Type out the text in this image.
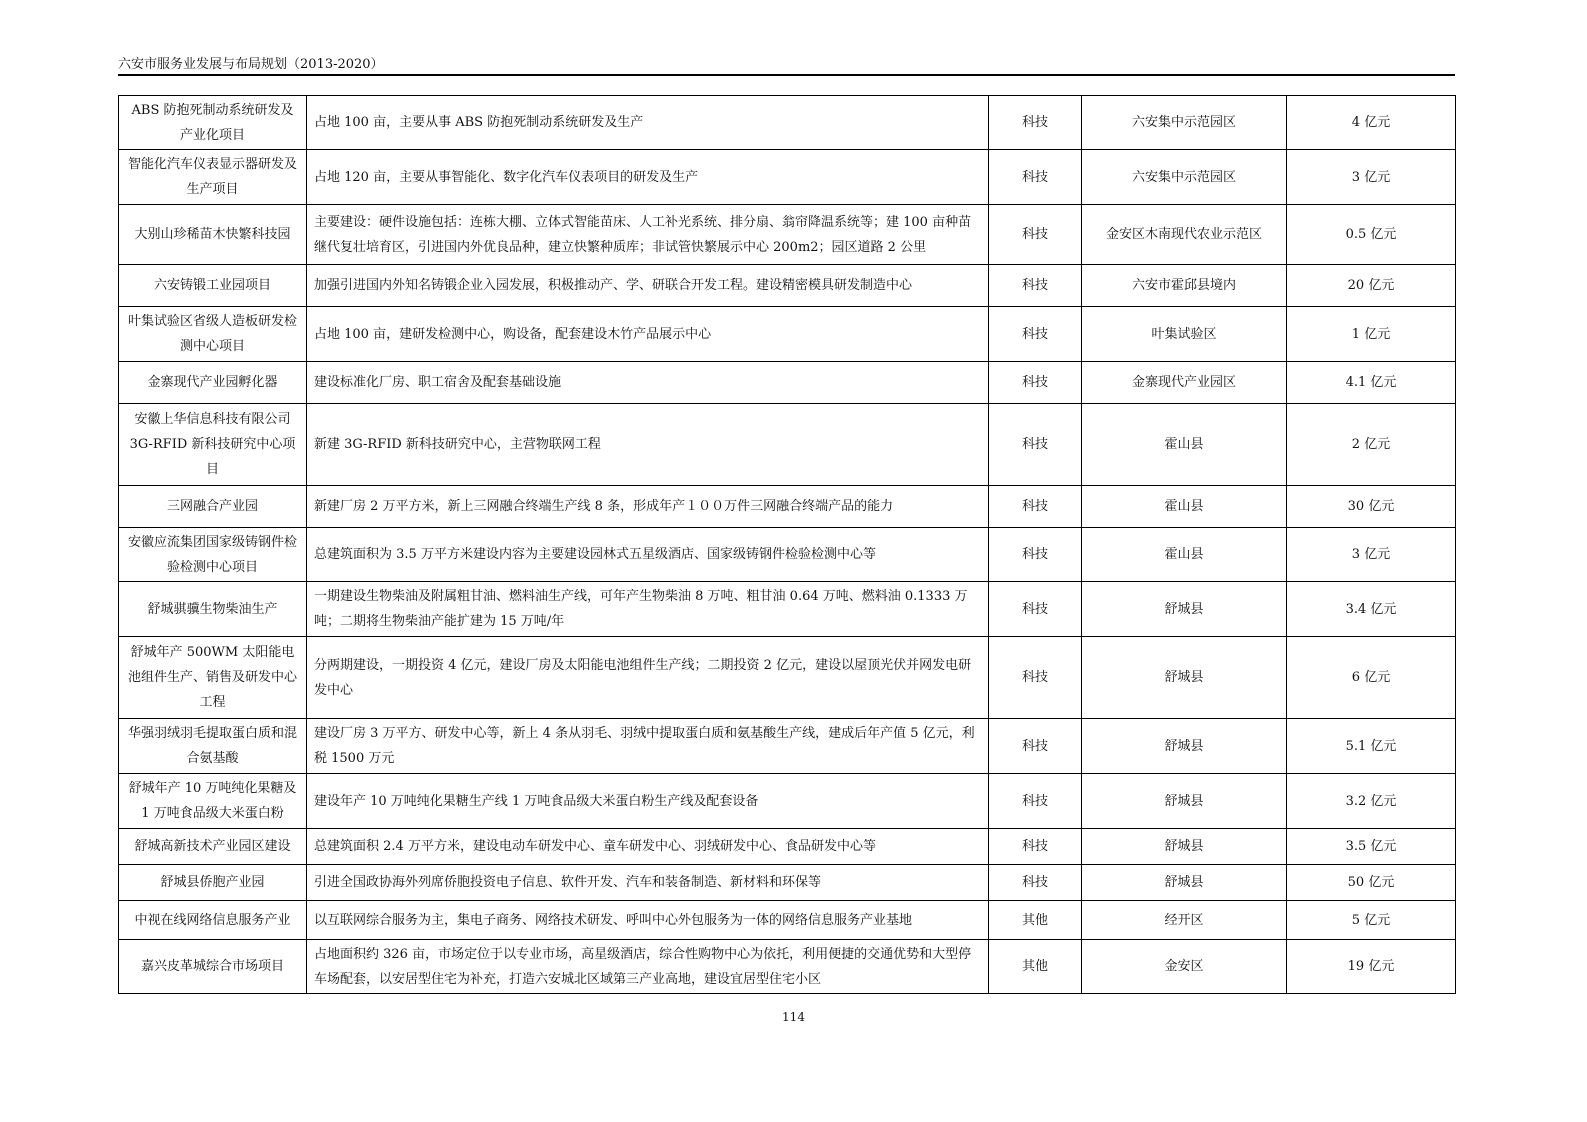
六安市服务业发展与布局规划（2013-2020）
ABS 防抱死制动系统研发及产业化项目	占地 100 亩，主要从事 ABS 防抱死制动系统研发及生产	科技	六安集中示范园区	4 亿元
智能化汽车仪表显示器研发及生产项目	占地 120 亩，主要从事智能化、数字化汽车仪表项目的研发及生产	科技	六安集中示范园区	3 亿元
大别山珍稀苗木快繁科技园	主要建设：硬件设施包括：连栋大棚、立体式智能苗床、人工补光系统、排分扇、翁帘降温系统等；建 100 亩种苗继代复壮培育区，引进国内外优良品种，建立快繁种质库；非试管快繁展示中心 200m2；园区道路 2 公里	科技	金安区木南现代农业示范区	0.5 亿元
六安铸锻工业园项目	加强引进国内外知名铸锻企业入园发展，积极推动产、学、研联合开发工程。建设精密模具研发制造中心	科技	六安市霍邱县境内	20 亿元
叶集试验区省级人造板研发检测中心项目	占地 100 亩，建研发检测中心，购设备，配套建设木竹产品展示中心	科技	叶集试验区	1 亿元
金寨现代产业园孵化器	建设标准化厂房、职工宿舍及配套基础设施	科技	金寨现代产业园区	4.1 亿元
安徽上华信息科技有限公司 3G-RFID 新科技研究中心项目	新建 3G-RFID 新科技研究中心，主营物联网工程	科技	霍山县	2 亿元
三网融合产业园	新建厂房 2 万平方米，新上三网融合终端生产线 8 条，形成年产１００万件三网融合终端产品的能力	科技	霍山县	30 亿元
安徽应流集团国家级铸钢件检验检测中心项目	总建筑面积为 3.5 万平方米建设内容为主要建设园林式五星级酒店、国家级铸钢件检验检测中心等	科技	霍山县	3 亿元
舒城骐骥生物柴油生产	一期建设生物柴油及附属粗甘油、燃料油生产线，可年产生物柴油 8 万吨、粗甘油 0.64 万吨、燃料油 0.1333 万吨；二期将生物柴油产能扩建为 15 万吨/年	科技	舒城县	3.4 亿元
舒城年产 500WM 太阳能电池组件生产、销售及研发中心工程	分两期建设，一期投资 4 亿元，建设厂房及太阳能电池组件生产线；二期投资 2 亿元，建设以屋顶光伏并网发电研发中心	科技	舒城县	6 亿元
华强羽绒羽毛提取蛋白质和混合氨基酸	建设厂房 3 万平方、研发中心等，新上 4 条从羽毛、羽绒中提取蛋白质和氨基酸生产线，建成后年产值 5 亿元，利税 1500 万元	科技	舒城县	5.1 亿元
舒城年产 10 万吨纯化果糖及 1 万吨食品级大米蛋白粉	建设年产 10 万吨纯化果糖生产线 1 万吨食品级大米蛋白粉生产线及配套设备	科技	舒城县	3.2 亿元
舒城高新技术产业园区建设	总建筑面积 2.4 万平方米，建设电动车研发中心、童车研发中心、羽绒研发中心、食品研发中心等	科技	舒城县	3.5 亿元
舒城县侨胞产业园	引进全国政协海外列席侨胞投资电子信息、软件开发、汽车和装备制造、新材料和环保等	科技	舒城县	50 亿元
中视在线网络信息服务产业	以互联网综合服务为主，集电子商务、网络技术研发、呼叫中心外包服务为一体的网络信息服务产业基地	其他	经开区	5 亿元
嘉兴皮革城综合市场项目	占地面积约 326 亩，市场定位于以专业市场，高星级酒店，综合性购物中心为依托，利用便捷的交通优势和大型停车场配套，以安居型住宅为补充，打造六安城北区域第三产业高地，建设宜居型住宅小区	其他	金安区	19 亿元
114
